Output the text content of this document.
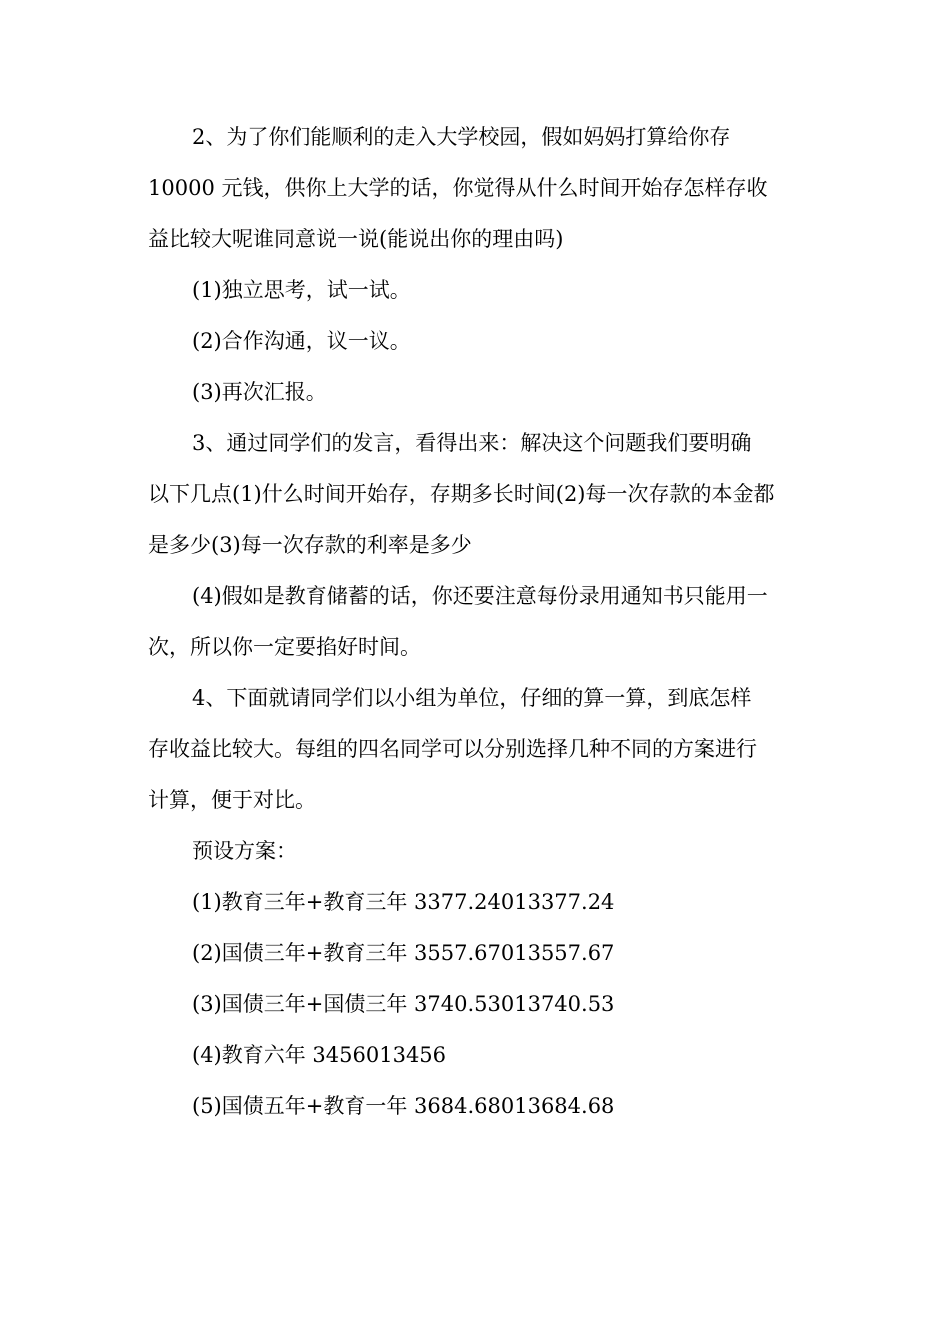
2、为了你们能顺利的走入大学校园，假如妈妈打算给你存

10000 元钱，供你上大学的话，你觉得从什么时间开始存怎样存收

益比较大呢谁同意说一说(能说出你的理由吗)

(1)独立思考，试一试。

(2)合作沟通，议一议。

(3)再次汇报。

3、通过同学们的发言，看得出来：解决这个问题我们要明确

以下几点(1)什么时间开始存，存期多长时间(2)每一次存款的本金都

是多少(3)每一次存款的利率是多少

(4)假如是教育储蓄的话，你还要注意每份录用通知书只能用一

次，所以你一定要掐好时间。

4、下面就请同学们以小组为单位，仔细的算一算，到底怎样

存收益比较大。每组的四名同学可以分别选择几种不同的方案进行

计算，便于对比。

预设方案：

(1)教育三年+教育三年 3377.24013377.24

(2)国债三年+教育三年 3557.67013557.67

(3)国债三年+国债三年 3740.53013740.53

(4)教育六年 3456013456

(5)国债五年+教育一年 3684.68013684.68
